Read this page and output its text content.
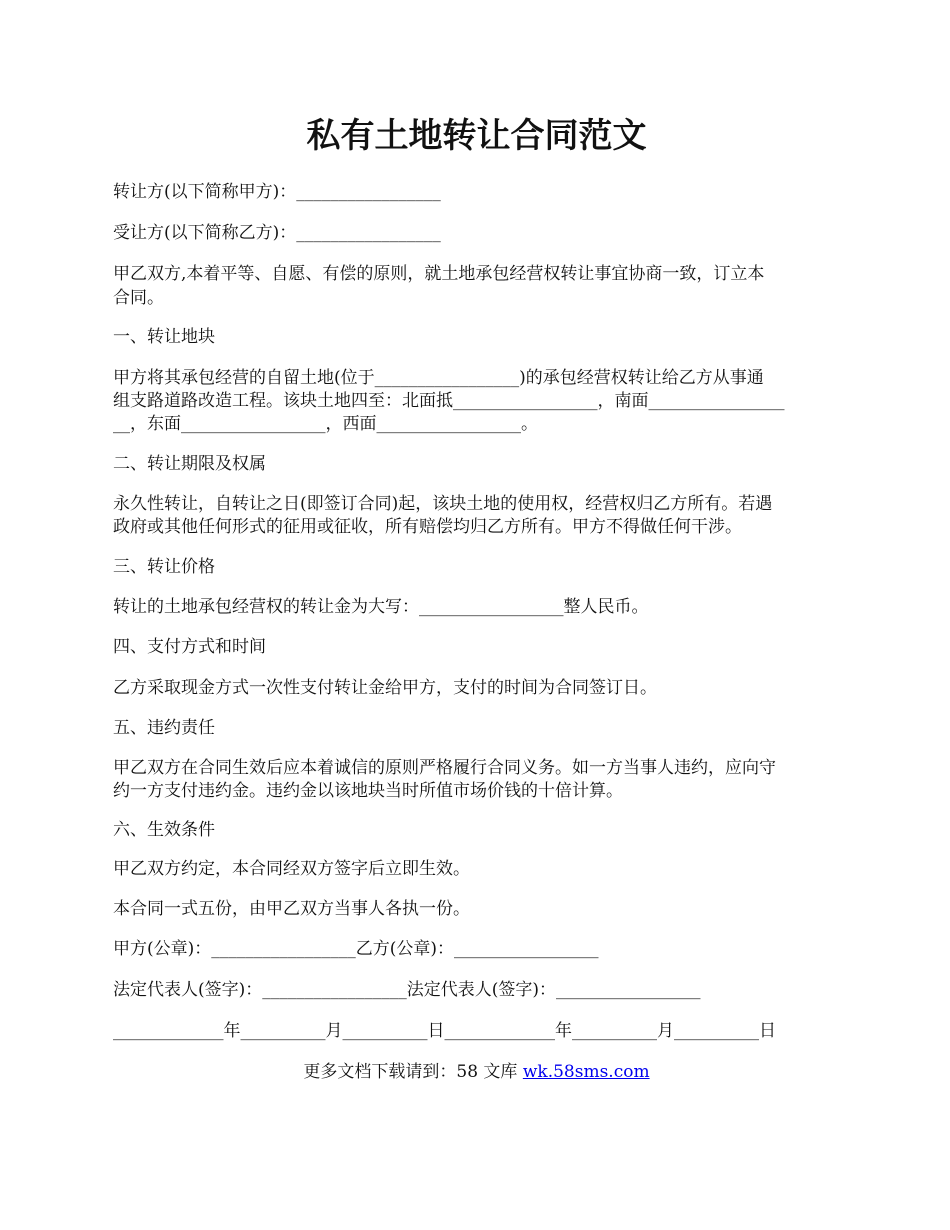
私有土地转让合同范文
转让方(以下简称甲方)：_________________
受让方(以下简称乙方)：_________________
甲乙双方,本着平等、自愿、有偿的原则，就土地承包经营权转让事宜协商一致，订立本
合同。
一、转让地块
甲方将其承包经营的自留土地(位于_________________)的承包经营权转让给乙方从事通
组支路道路改造工程。该块土地四至：北面抵_________________，南面________________
__，东面_________________，西面_________________。
二、转让期限及权属
永久性转让，自转让之日(即签订合同)起，该块土地的使用权，经营权归乙方所有。若遇
政府或其他任何形式的征用或征收，所有赔偿均归乙方所有。甲方不得做任何干涉。
三、转让价格
转让的土地承包经营权的转让金为大写：_________________整人民币。
四、支付方式和时间
乙方采取现金方式一次性支付转让金给甲方，支付的时间为合同签订日。
五、违约责任
甲乙双方在合同生效后应本着诚信的原则严格履行合同义务。如一方当事人违约，应向守
约一方支付违约金。违约金以该地块当时所值市场价钱的十倍计算。
六、生效条件
甲乙双方约定，本合同经双方签字后立即生效。
本合同一式五份，由甲乙双方当事人各执一份。
甲方(公章)：_________________乙方(公章)：_________________
法定代表人(签字)：_________________法定代表人(签字)：_________________
_____________年__________月__________日_____________年__________月__________日
更多文档下载请到：58 文库 wk.58sms.com
